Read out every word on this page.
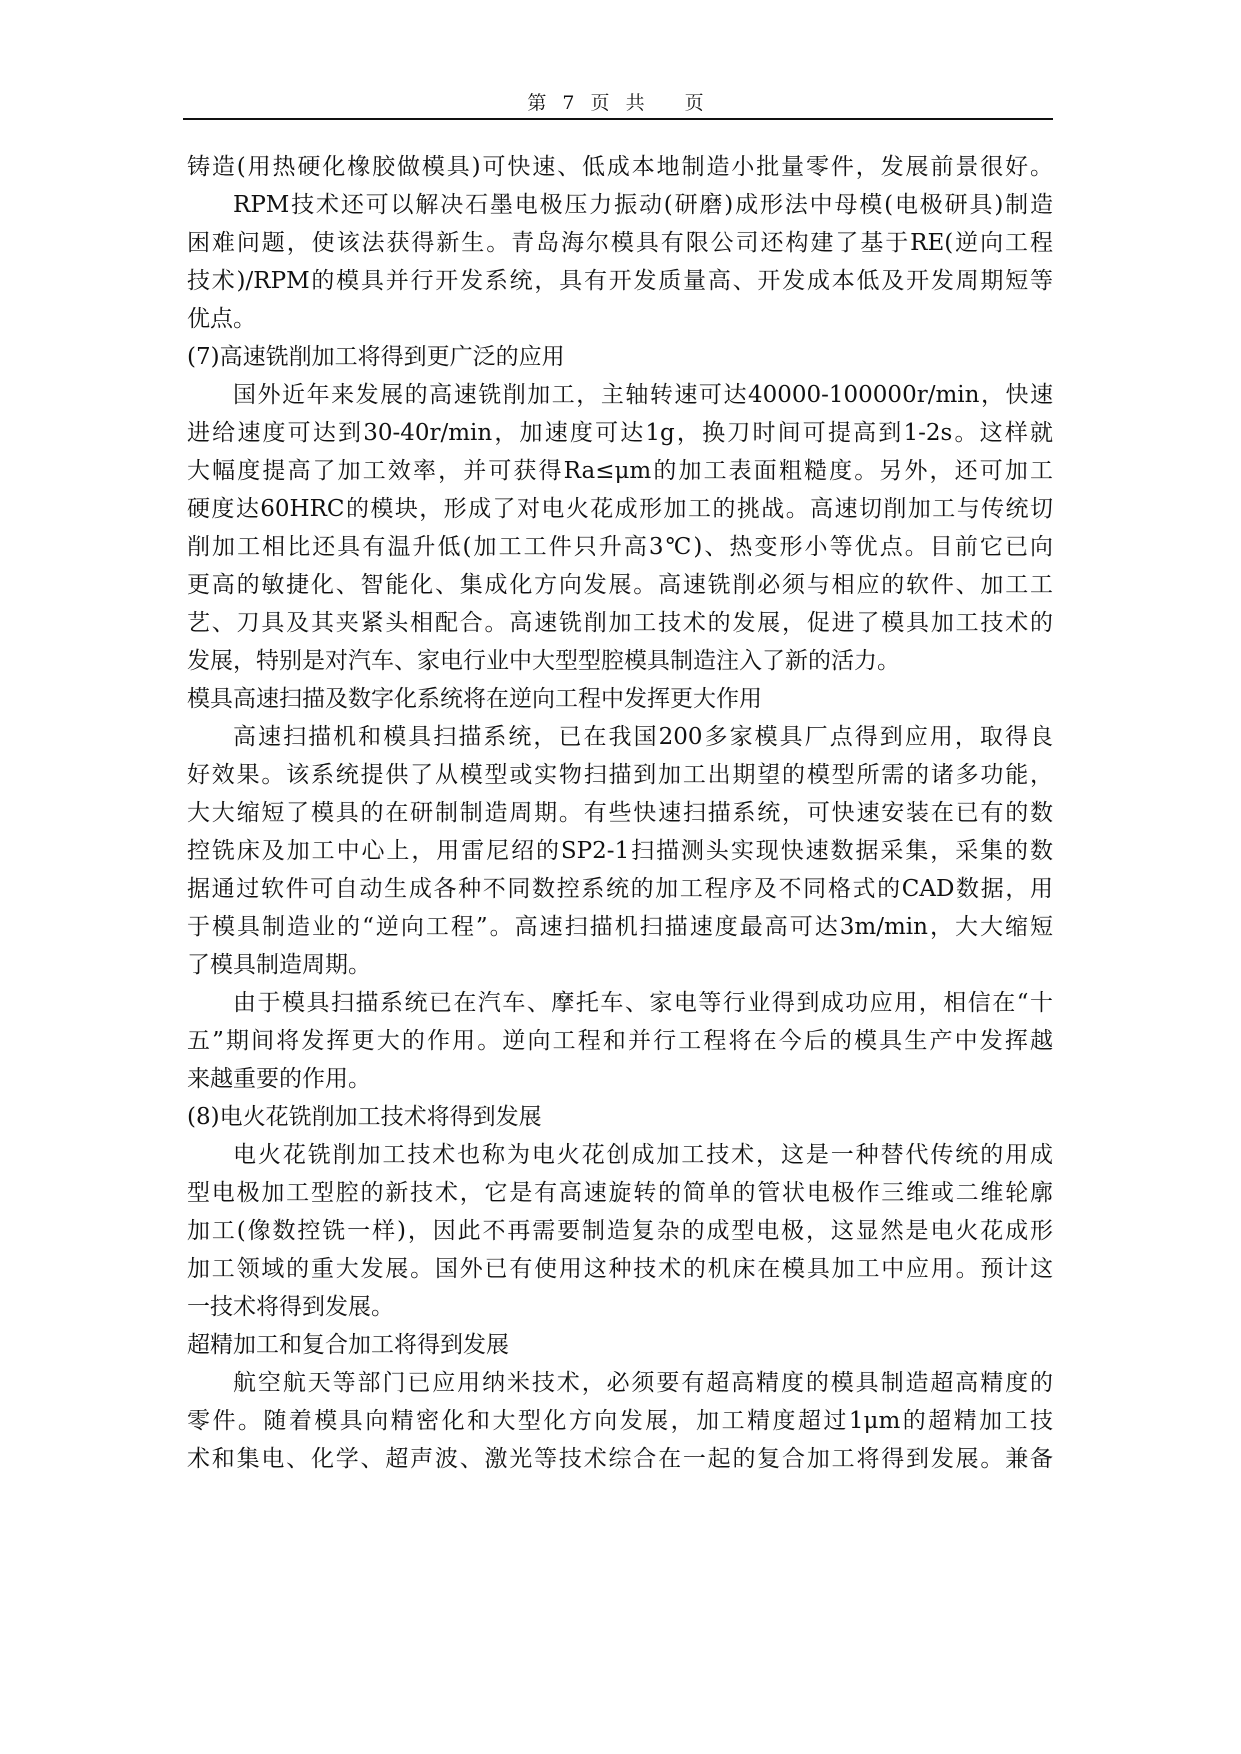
第 7 页 共　 页
铸造(用热硬化橡胶做模具)可快速、低成本地制造小批量零件，发展前景很好。
RPM技术还可以解决石墨电极压力振动(研磨)成形法中母模(电极研具)制造
困难问题，使该法获得新生。青岛海尔模具有限公司还构建了基于RE(逆向工程
技术)/RPM的模具并行开发系统，具有开发质量高、开发成本低及开发周期短等
优点。
(7)高速铣削加工将得到更广泛的应用
国外近年来发展的高速铣削加工，主轴转速可达40000-100000r/min，快速
进给速度可达到30-40r/min，加速度可达1g，换刀时间可提高到1-2s。这样就
大幅度提高了加工效率，并可获得Ra≤μm的加工表面粗糙度。另外，还可加工
硬度达60HRC的模块，形成了对电火花成形加工的挑战。高速切削加工与传统切
削加工相比还具有温升低(加工工件只升高3℃)、热变形小等优点。目前它已向
更高的敏捷化、智能化、集成化方向发展。高速铣削必须与相应的软件、加工工
艺、刀具及其夹紧头相配合。高速铣削加工技术的发展，促进了模具加工技术的
发展，特别是对汽车、家电行业中大型型腔模具制造注入了新的活力。
模具高速扫描及数字化系统将在逆向工程中发挥更大作用
高速扫描机和模具扫描系统，已在我国200多家模具厂点得到应用，取得良
好效果。该系统提供了从模型或实物扫描到加工出期望的模型所需的诸多功能，
大大缩短了模具的在研制制造周期。有些快速扫描系统，可快速安装在已有的数
控铣床及加工中心上，用雷尼绍的SP2-1扫描测头实现快速数据采集，采集的数
据通过软件可自动生成各种不同数控系统的加工程序及不同格式的CAD数据，用
于模具制造业的“逆向工程”。高速扫描机扫描速度最高可达3m/min，大大缩短
了模具制造周期。
由于模具扫描系统已在汽车、摩托车、家电等行业得到成功应用，相信在“十
五”期间将发挥更大的作用。逆向工程和并行工程将在今后的模具生产中发挥越
来越重要的作用。
(8)电火花铣削加工技术将得到发展
电火花铣削加工技术也称为电火花创成加工技术，这是一种替代传统的用成
型电极加工型腔的新技术，它是有高速旋转的简单的管状电极作三维或二维轮廓
加工(像数控铣一样)，因此不再需要制造复杂的成型电极，这显然是电火花成形
加工领域的重大发展。国外已有使用这种技术的机床在模具加工中应用。预计这
一技术将得到发展。
超精加工和复合加工将得到发展
航空航天等部门已应用纳米技术，必须要有超高精度的模具制造超高精度的
零件。随着模具向精密化和大型化方向发展，加工精度超过1μm的超精加工技
术和集电、化学、超声波、激光等技术综合在一起的复合加工将得到发展。兼备
